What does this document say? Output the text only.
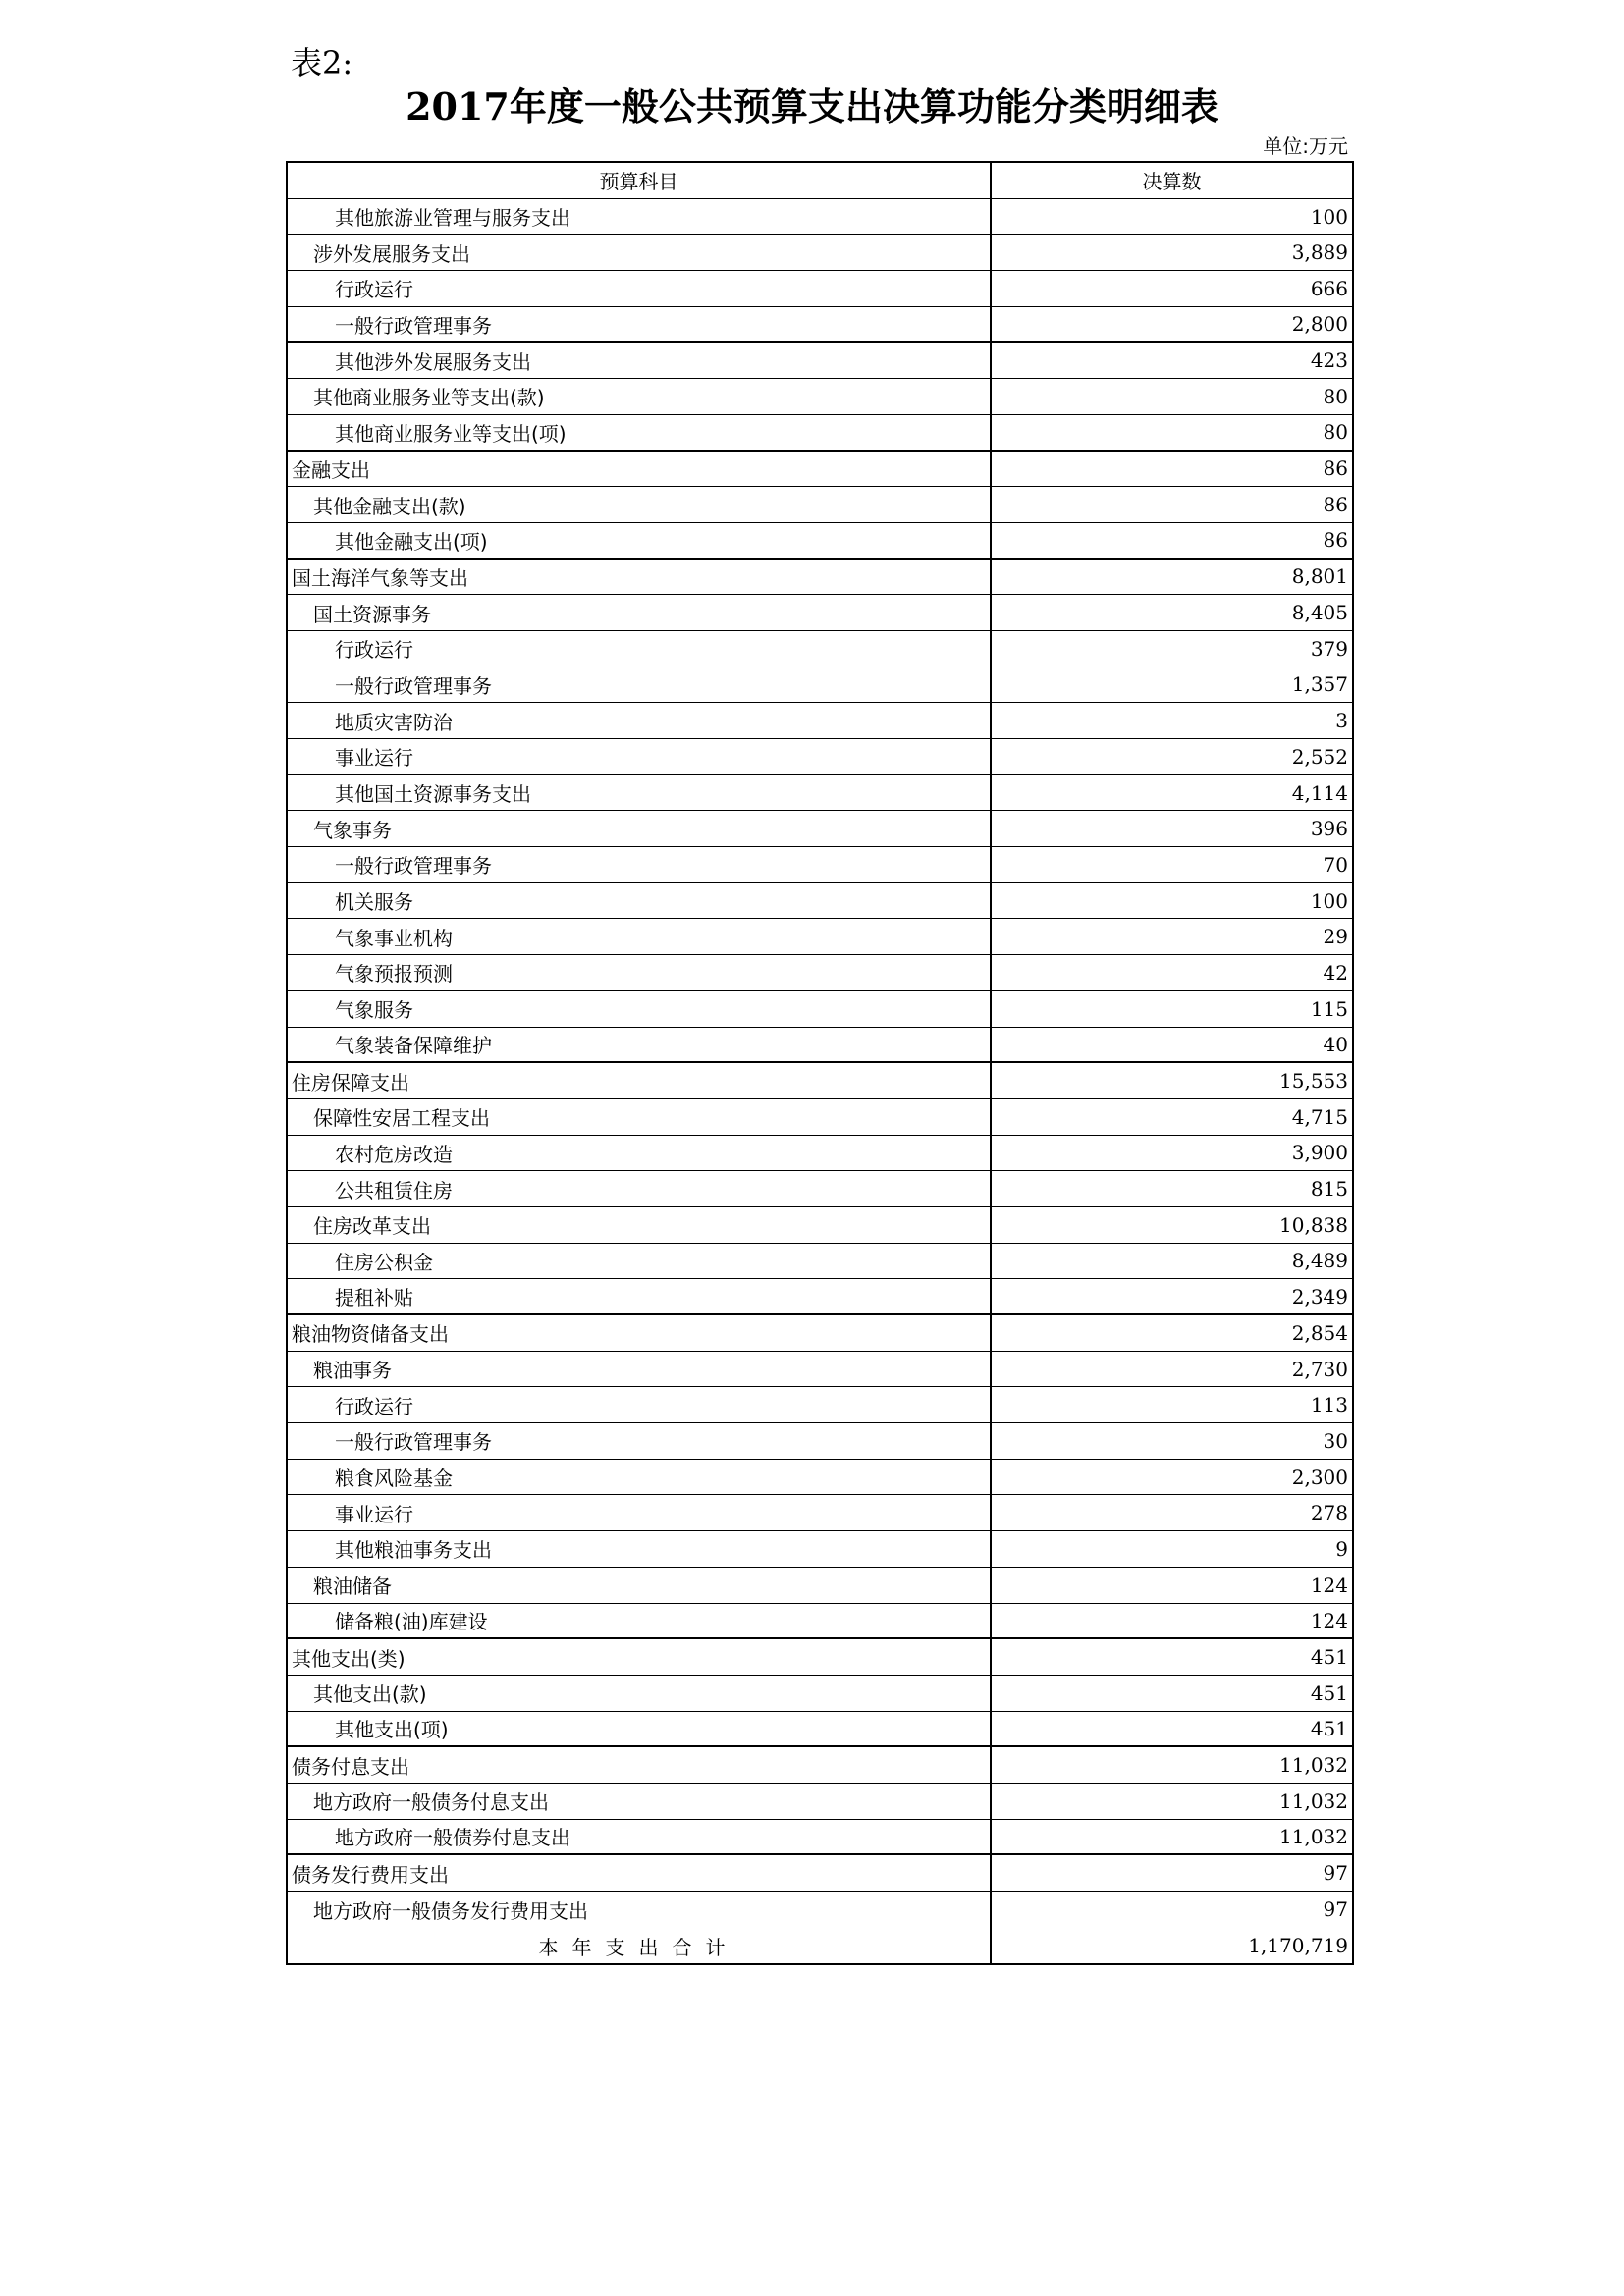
表2:
2017年度一般公共预算支出决算功能分类明细表
单位:万元
预算科目	决算数
其他旅游业管理与服务支出	100
涉外发展服务支出	3,889
行政运行	666
一般行政管理事务	2,800
其他涉外发展服务支出	423
其他商业服务业等支出(款)	80
其他商业服务业等支出(项)	80
金融支出	86
其他金融支出(款)	86
其他金融支出(项)	86
国土海洋气象等支出	8,801
国土资源事务	8,405
行政运行	379
一般行政管理事务	1,357
地质灾害防治	3
事业运行	2,552
其他国土资源事务支出	4,114
气象事务	396
一般行政管理事务	70
机关服务	100
气象事业机构	29
气象预报预测	42
气象服务	115
气象装备保障维护	40
住房保障支出	15,553
保障性安居工程支出	4,715
农村危房改造	3,900
公共租赁住房	815
住房改革支出	10,838
住房公积金	8,489
提租补贴	2,349
粮油物资储备支出	2,854
粮油事务	2,730
行政运行	113
一般行政管理事务	30
粮食风险基金	2,300
事业运行	278
其他粮油事务支出	9
粮油储备	124
储备粮(油)库建设	124
其他支出(类)	451
其他支出(款)	451
其他支出(项)	451
债务付息支出	11,032
地方政府一般债务付息支出	11,032
地方政府一般债券付息支出	11,032
债务发行费用支出	97
地方政府一般债务发行费用支出	97
本年支出合计	1,170,719
